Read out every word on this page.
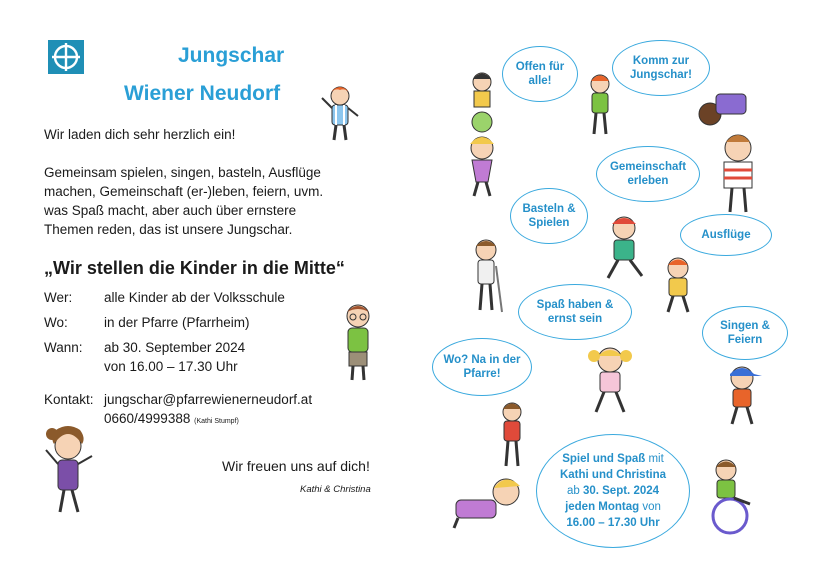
Jungschar
Wiener Neudorf
Wir laden dich sehr herzlich ein!
Gemeinsam spielen, singen, basteln, Ausflüge
machen, Gemeinschaft (er-)leben, feiern, uvm.
was Spaß macht, aber auch über ernstere
Themen reden, das ist unsere Jungschar.
„Wir stellen die Kinder in die Mitte“
Wer: alle Kinder ab der Volksschule
Wo:	in der Pfarre (Pfarrheim)
Wann: ab 30. September 2024
von 16.00 – 17.30 Uhr
Kontakt: jungschar@pfarrewienerneudorf.at
0660/4999388 (Kathi Stumpf)
Wir freuen uns auf dich!
Kathi & Christina
Offen für
alle!
Komm zur
Jungschar!
Gemeinschaft
erleben
Basteln &
Spielen
Ausflüge
Spaß haben &
ernst sein
Singen &
Feiern
Wo? Na in der
Pfarre!
Spiel und Spaß mit
Kathi und Christina
ab 30. Sept. 2024
jeden Montag von
16.00 – 17.30 Uhr
